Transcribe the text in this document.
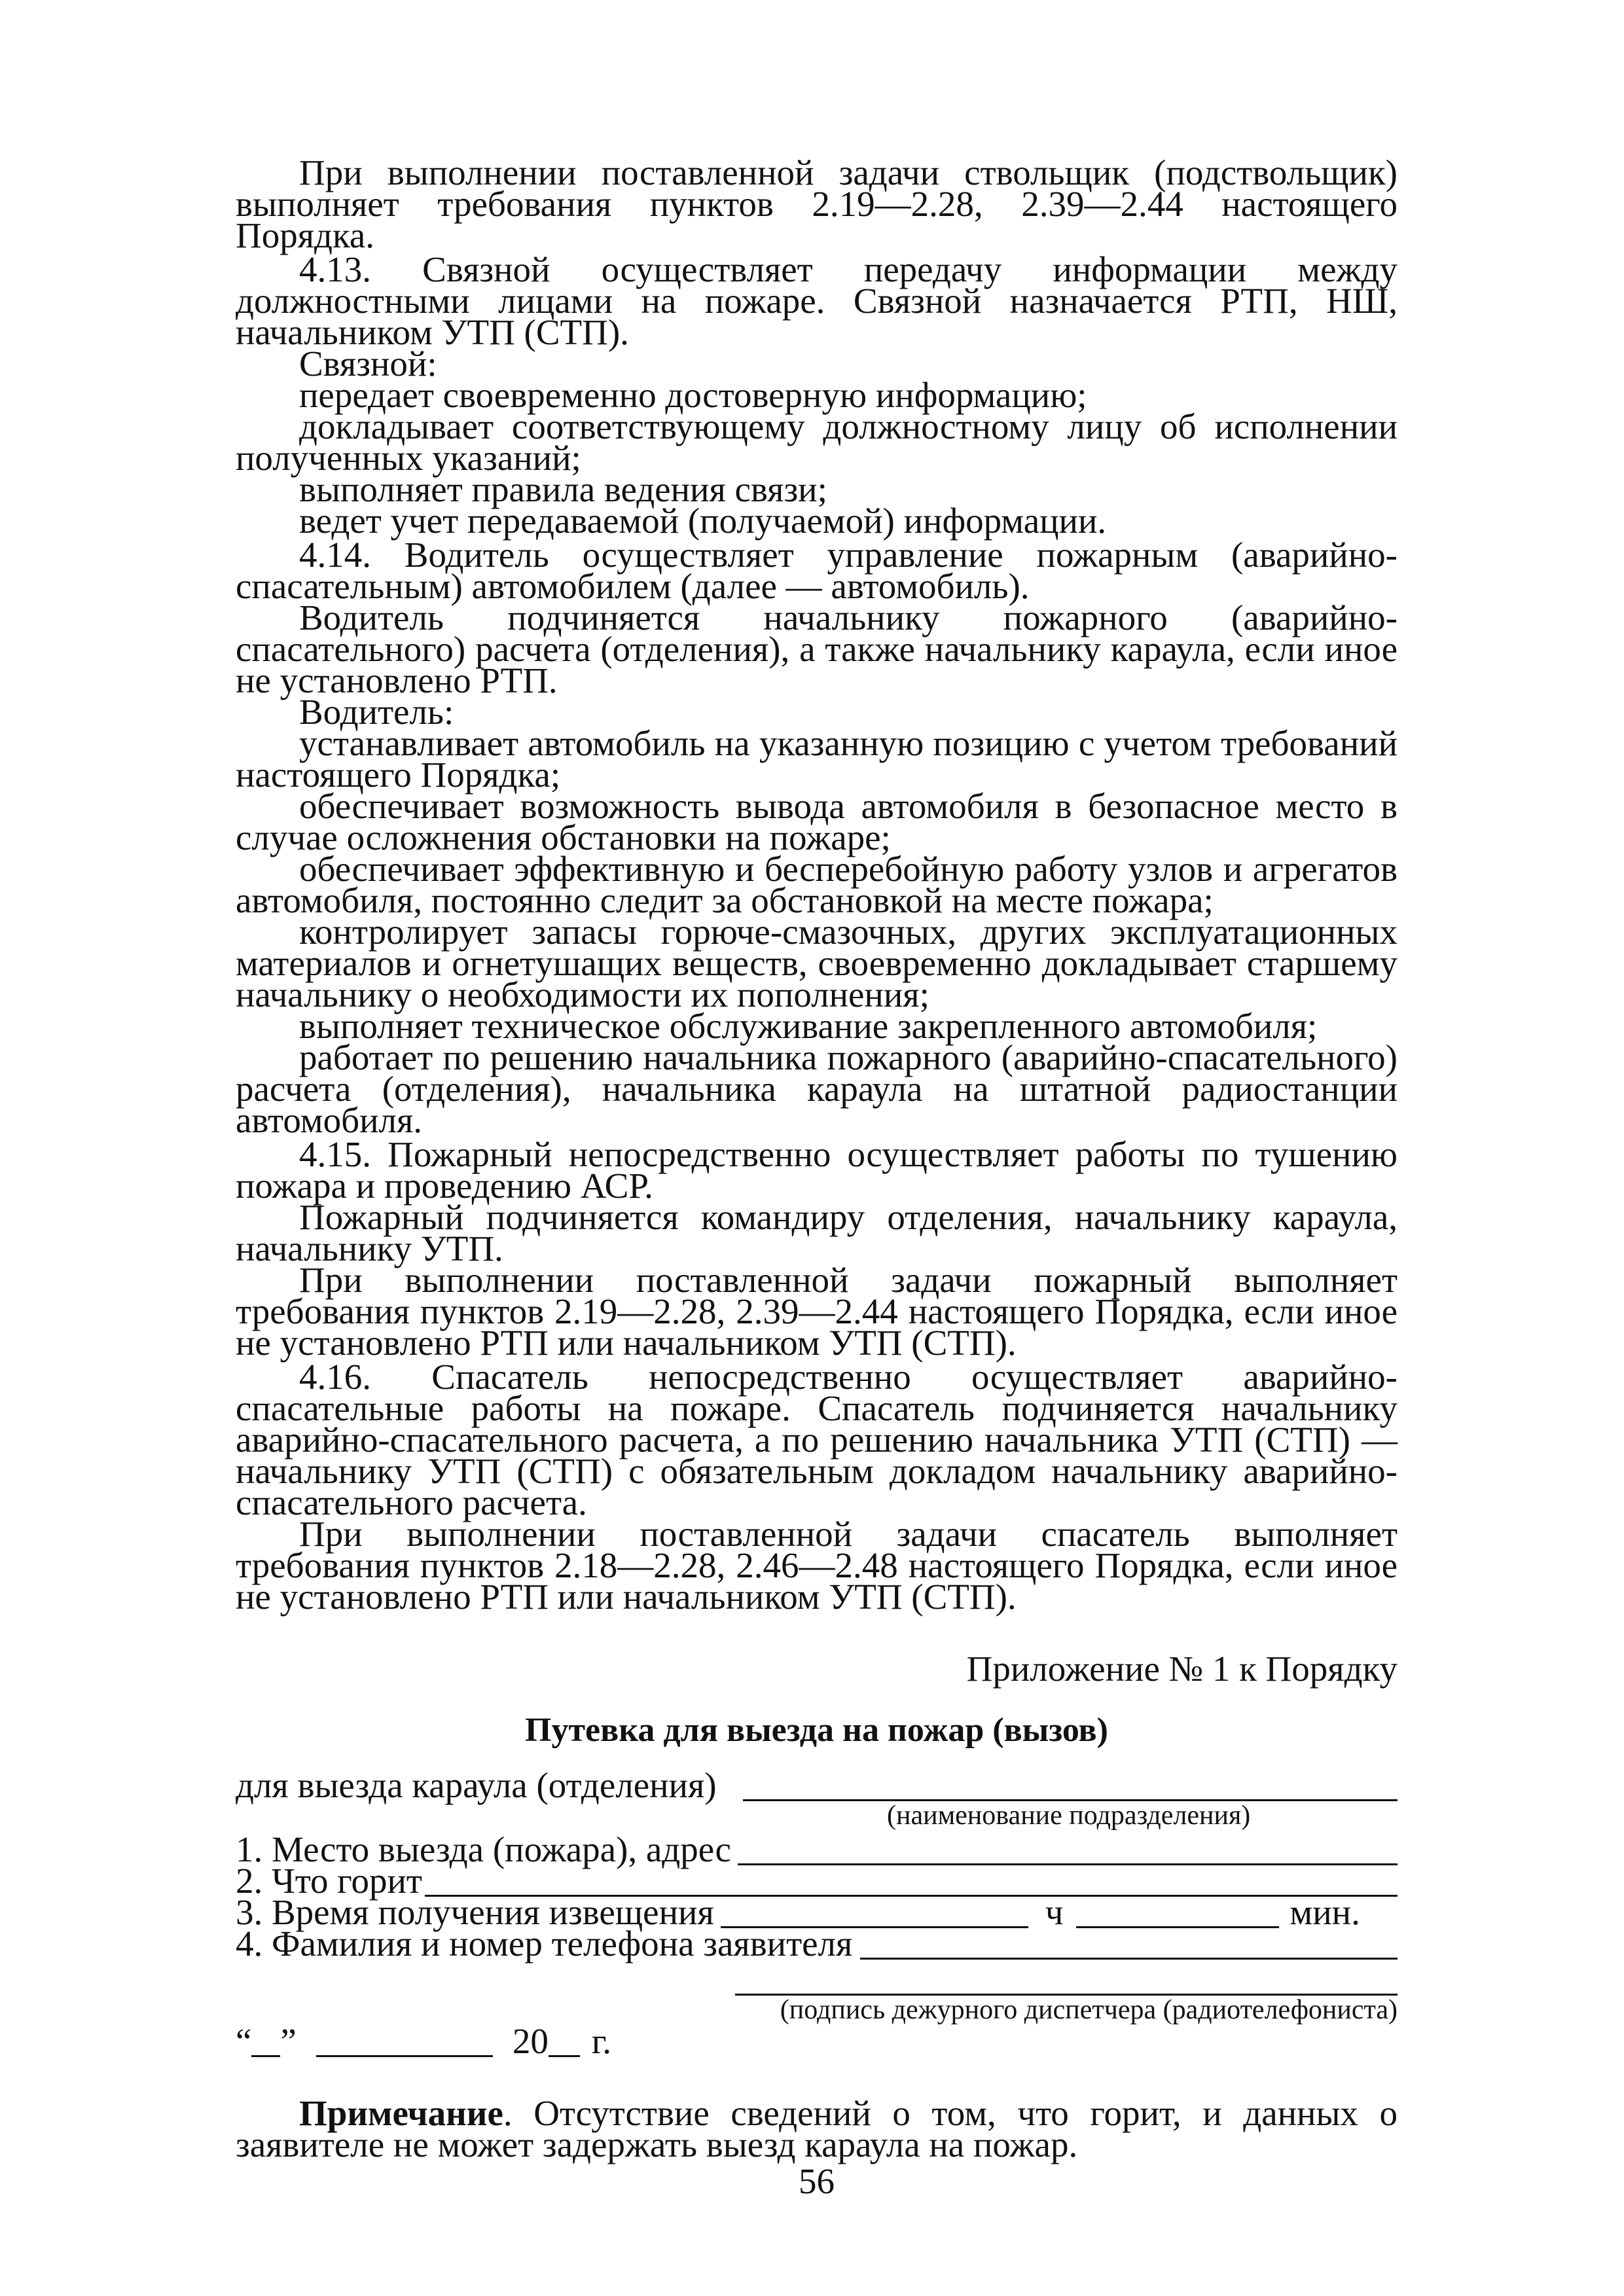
При выполнении поставленной задачи ствольщик (подствольщик) выполняет требования пунктов 2.19—2.28, 2.39—2.44 настоящего Порядка.

4.13. Связной осуществляет передачу информации между должностными лицами на пожаре. Связной назначается РТП, НШ, начальником УТП (СТП).

Связной:

передает своевременно достоверную информацию;

докладывает соответствующему должностному лицу об исполнении полученных указаний;

выполняет правила ведения связи;

ведет учет передаваемой (получаемой) информации.

4.14. Водитель осуществляет управление пожарным (аварийно-спасательным) автомобилем (далее — автомобиль).

Водитель подчиняется начальнику пожарного (аварийно-спасательного) расчета (отделения), а также начальнику караула, если иное не установлено РТП.

Водитель:

устанавливает автомобиль на указанную позицию с учетом требований настоящего Порядка;

обеспечивает возможность вывода автомобиля в безопасное место в случае осложнения обстановки на пожаре;

обеспечивает эффективную и бесперебойную работу узлов и агрегатов автомобиля, постоянно следит за обстановкой на месте пожара;

контролирует запасы горюче-смазочных, других эксплуатационных материалов и огнетушащих веществ, своевременно докладывает старшему начальнику о необходимости их пополнения;

выполняет техническое обслуживание закрепленного автомобиля;

работает по решению начальника пожарного (аварийно-спасательного) расчета (отделения), начальника караула на штатной радиостанции автомобиля.

4.15. Пожарный непосредственно осуществляет работы по тушению пожара и проведению АСР.

Пожарный подчиняется командиру отделения, начальнику караула, начальнику УТП.

При выполнении поставленной задачи пожарный выполняет требования пунктов 2.19—2.28, 2.39—2.44 настоящего Порядка, если иное не установлено РТП или начальником УТП (СТП).

4.16. Спасатель непосредственно осуществляет аварийно-спасательные работы на пожаре. Спасатель подчиняется начальнику аварийно-спасательного расчета, а по решению начальника УТП (СТП) — начальнику УТП (СТП) с обязательным докладом начальнику аварийно-спасательного расчета.

При выполнении поставленной задачи спасатель выполняет требования пунктов 2.18—2.28, 2.46—2.48 настоящего Порядка, если иное не установлено РТП или начальником УТП (СТП).

Приложение № 1 к Порядку

Путевка для выезда на пожар (вызов)

для выезда караула (отделения)
(наименование подразделения)
1. Место выезда (пожара), адрес
2. Что горит
3. Время получения извещения	ч	мин.
4. Фамилия и номер телефона заявителя
(подпись дежурного диспетчера (радиотелефониста)
“ ”	20 г.

Примечание. Отсутствие сведений о том, что горит, и данных о заявителе не может задержать выезд караула на пожар.

56
